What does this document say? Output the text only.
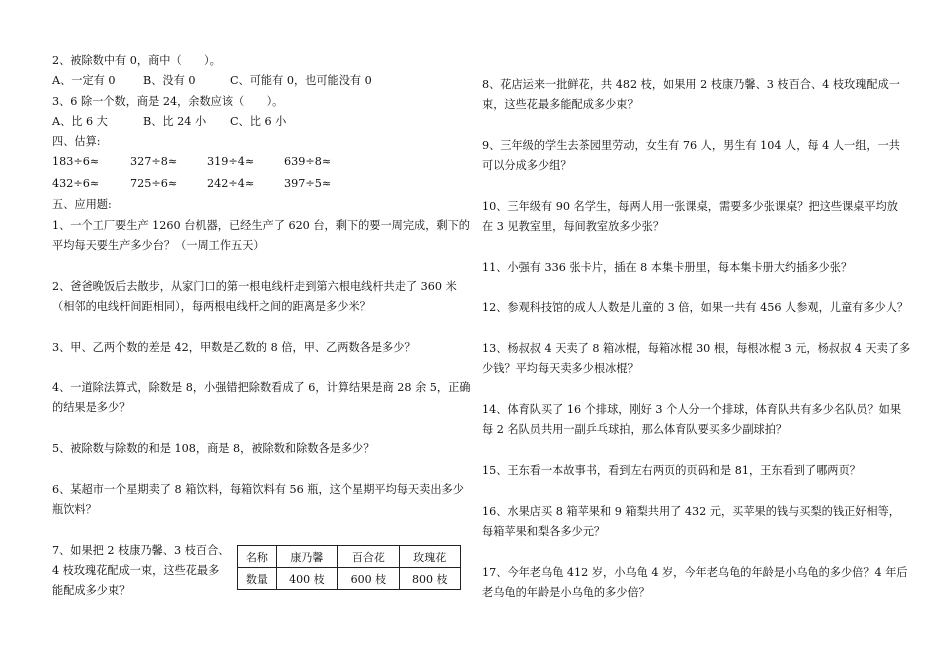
2、被除数中有 0，商中（　　）。
A、一定有 0 B、没有 0	C、可能有 0，也可能没有 0
3、6 除一个数，商是 24，余数应该（　　）。
A、比 6 大	B、比 24 小 C、比 6 小
四、估算:
183÷6≈	327÷8≈	319÷4≈	639÷8≈
432÷6≈	725÷6≈	242÷4≈	397÷5≈
五、应用题:
1、一个工厂要生产 1260 台机器，已经生产了 620 台，剩下的要一周完成，剩下的
平均每天要生产多少台？（一周工作五天）
2、爸爸晚饭后去散步，从家门口的第一根电线杆走到第六根电线杆共走了 360 米
（相邻的电线杆间距相同），每两根电线杆之间的距离是多少米？
3、甲、乙两个数的差是 42，甲数是乙数的 8 倍，甲、乙两数各是多少？
4、一道除法算式，除数是 8，小强错把除数看成了 6，计算结果是商 28 余 5，正确
的结果是多少？
5、被除数与除数的和是 108，商是 8，被除数和除数各是多少？
6、某超市一个星期卖了 8 箱饮料，每箱饮料有 56 瓶，这个星期平均每天卖出多少
瓶饮料？
7、如果把 2 枝康乃馨、3 枝百合、
4 枝玫瑰花配成一束，这些花最多
能配成多少束？
名称	康乃馨	百合花	玫瑰花
数量	400 枝	600 枝	800 枝
8、花店运来一批鲜花，共 482 枝，如果用 2 枝康乃馨、3 枝百合、4 枝玫瑰配成一
束，这些花最多能配成多少束？
9、三年级的学生去茶园里劳动，女生有 76 人，男生有 104 人，每 4 人一组，一共
可以分成多少组？
10、三年级有 90 名学生，每两人用一张课桌，需要多少张课桌？把这些课桌平均放
在 3 见教室里，每间教室放多少张？
11、小强有 336 张卡片，插在 8 本集卡册里，每本集卡册大约插多少张？
12、参观科技馆的成人人数是儿童的 3 倍，如果一共有 456 人参观，儿童有多少人？
13、杨叔叔 4 天卖了 8 箱冰棍，每箱冰棍 30 根，每根冰棍 3 元，杨叔叔 4 天卖了多
少钱？平均每天卖多少根冰棍？
14、体育队买了 16 个排球，刚好 3 个人分一个排球，体育队共有多少名队员？如果
每 2 名队员共用一副乒乓球拍，那么体育队要买多少副球拍？
15、王东看一本故事书，看到左右两页的页码和是 81，王东看到了哪两页？
16、水果店买 8 箱苹果和 9 箱梨共用了 432 元，买苹果的钱与买梨的钱正好相等，
每箱苹果和梨各多少元？
17、今年老乌龟 412 岁，小乌龟 4 岁，今年老乌龟的年龄是小乌龟的多少倍？4 年后
老乌龟的年龄是小乌龟的多少倍？
